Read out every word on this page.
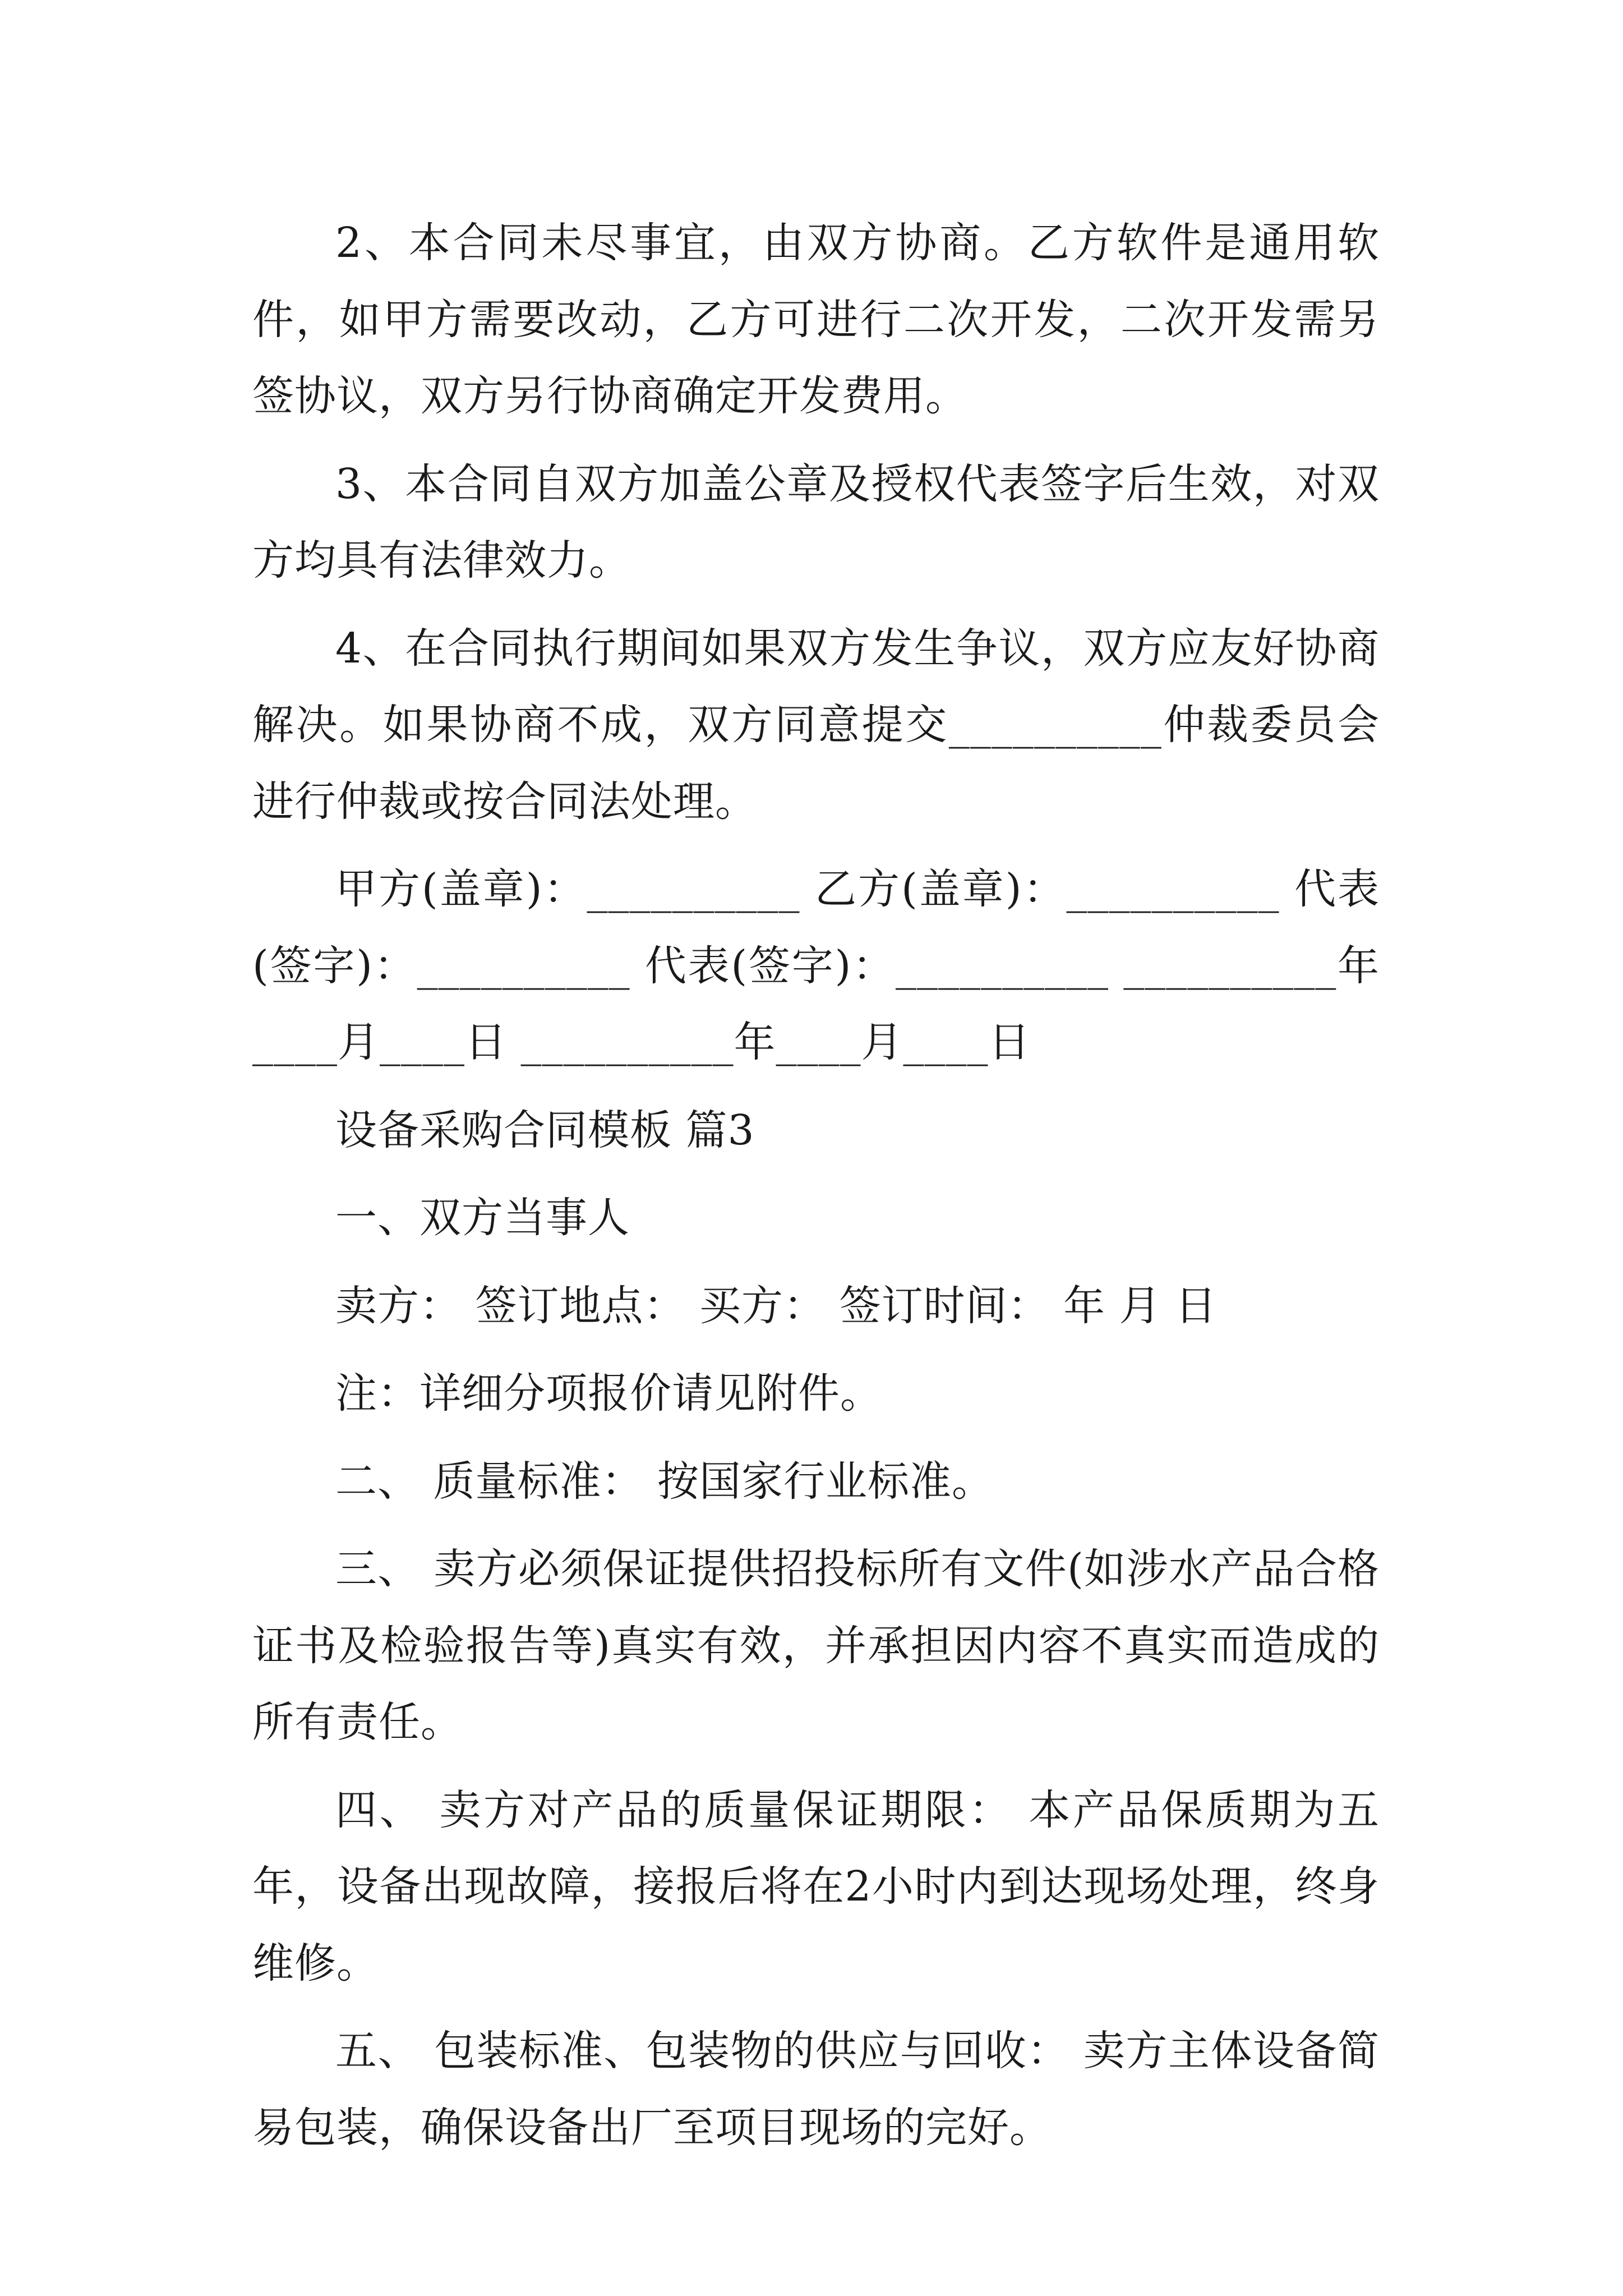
2、本合同未尽事宜，由双方协商。乙方软件是通用软件，如甲方需要改动，乙方可进行二次开发，二次开发需另签协议，双方另行协商确定开发费用。

3、本合同自双方加盖公章及授权代表签字后生效，对双方均具有法律效力。

4、在合同执行期间如果双方发生争议，双方应友好协商解决。如果协商不成，双方同意提交__________仲裁委员会进行仲裁或按合同法处理。

甲方(盖章)：__________ 乙方(盖章)：__________ 代表(签字)：__________ 代表(签字)：__________ __________年____月____日 __________年____月____日

设备采购合同模板 篇3

一、双方当事人

卖方： 签订地点： 买方： 签订时间： 年 月 日

注：详细分项报价请见附件。

二、 质量标准： 按国家行业标准。

三、 卖方必须保证提供招投标所有文件(如涉水产品合格证书及检验报告等)真实有效，并承担因内容不真实而造成的所有责任。

四、 卖方对产品的质量保证期限： 本产品保质期为五年，设备出现故障，接报后将在2小时内到达现场处理，终身维修。

五、 包装标准、包装物的供应与回收： 卖方主体设备简易包装，确保设备出厂至项目现场的完好。
